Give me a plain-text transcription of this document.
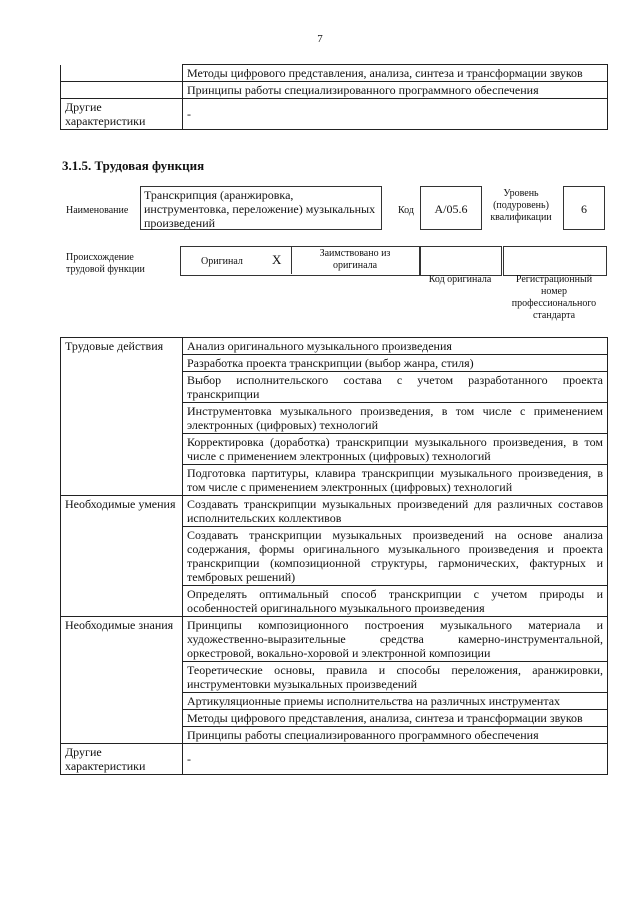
7
	Методы цифрового представления, анализа, синтеза и трансформации звуков
	Принципы работы специализированного программного обеспечения
Другие характеристики	-
3.1.5. Трудовая функция
Наименование
Транскрипция (аранжировка, инструментовка, переложение) музыкальных произведений
Код	A/05.6
Уровень (подуровень) квалификации
6
Происхождение трудовой функции
Оригинал X	Заимствовано из оригинала
Код оригинала	Регистрационный номер профессионального стандарта
Трудовые действия	Анализ оригинального музыкального произведения
	Разработка проекта транскрипции (выбор жанра, стиля)
	Выбор исполнительского состава с учетом разработанного проекта транскрипции
	Инструментовка музыкального произведения, в том числе с применением электронных (цифровых) технологий
	Корректировка (доработка) транскрипции музыкального произведения, в том числе с применением электронных (цифровых) технологий
	Подготовка партитуры, клавира транскрипции музыкального произведения, в том числе с применением электронных (цифровых) технологий
Необходимые умения	Создавать транскрипции музыкальных произведений для различных составов исполнительских коллективов
	Создавать транскрипции музыкальных произведений на основе анализа содержания, формы оригинального музыкального произведения и проекта транскрипции (композиционной структуры, гармонических, фактурных и тембровых решений)
	Определять оптимальный способ транскрипции с учетом природы и особенностей оригинального музыкального произведения
Необходимые знания	Принципы композиционного построения музыкального материала и художественно-выразительные средства камерно-инструментальной, оркестровой, вокально-хоровой и электронной композиции
	Теоретические основы, правила и способы переложения, аранжировки, инструментовки музыкальных произведений
	Артикуляционные приемы исполнительства на различных инструментах
	Методы цифрового представления, анализа, синтеза и трансформации звуков
	Принципы работы специализированного программного обеспечения
Другие характеристики	-
